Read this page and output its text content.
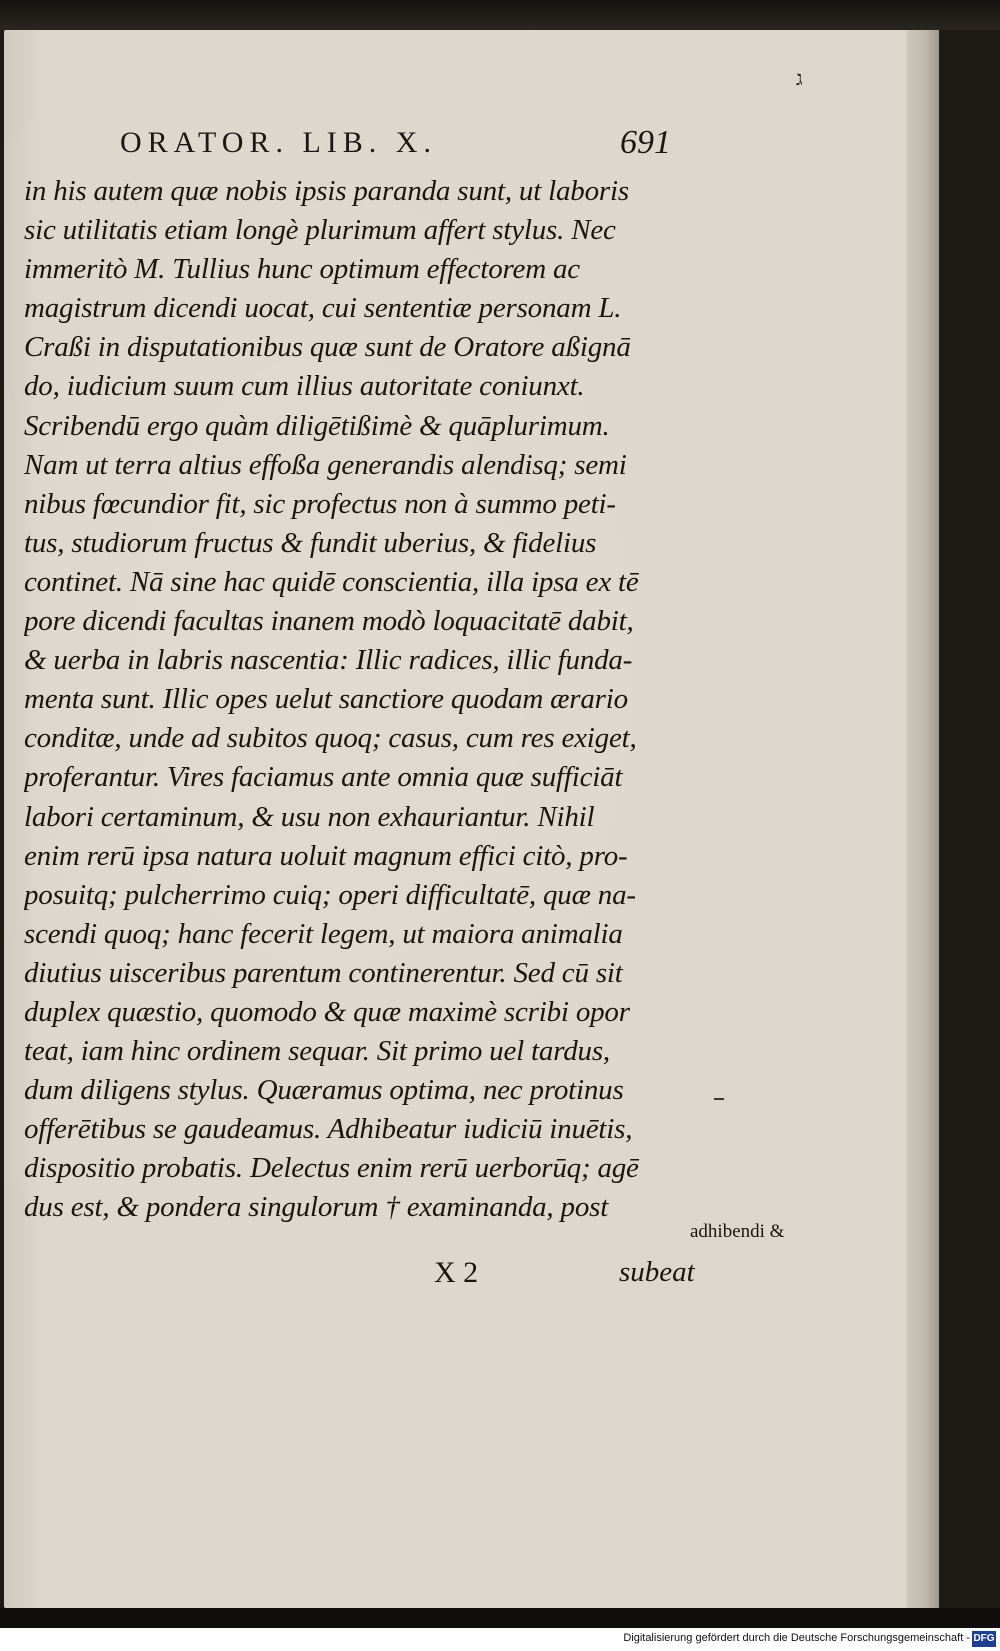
ג
ORATOR. LIB. X.	691
in his autem quæ nobis ipsis paranda sunt, ut laboris
sic utilitatis etiam longè plurimum affert stylus. Nec
immeritò M. Tullius hunc optimum effectorem ac
magistrum dicendi uocat, cui sententiæ personam L.
Craßi in disputationibus quæ sunt de Oratore aßignā
do, iudicium suum cum illius autoritate coniunxt.
Scribendū ergo quàm diligētißimè & quāplurimum.
Nam ut terra altius effoßa generandis alendisq; semi
nibus fœcundior fit, sic profectus non à summo peti-
tus, studiorum fructus & fundit uberius, & fidelius
continet. Nā sine hac quidē conscientia, illa ipsa ex tē
pore dicendi facultas inanem modò loquacitatē dabit,
& uerba in labris nascentia: Illic radices, illic funda-
menta sunt. Illic opes uelut sanctiore quodam ærario
conditæ, unde ad subitos quoq; casus, cum res exiget,
proferantur. Vires faciamus ante omnia quæ sufficiāt
labori certaminum, & usu non exhauriantur. Nihil
enim rerū ipsa natura uoluit magnum effici citò, pro-
posuitq; pulcherrimo cuiq; operi difficultatē, quæ na-
scendi quoq; hanc fecerit legem, ut maiora animalia
diutius uisceribus parentum continerentur. Sed cū sit
duplex quæstio, quomodo & quæ maximè scribi opor
teat, iam hinc ordinem sequar. Sit primo uel tardus,
dum diligens stylus. Quæramus optima, nec protinus
offerētibus se gaudeamus. Adhibeatur iudiciū inuētis,
dispositio probatis. Delectus enim rerū uerborūq; agē
dus est, & pondera singulorum † examinanda, post
adhibendi &
X 2	subeat
Digitalisierung gefördert durch die Deutsche Forschungsgemeinschaft - DFG
